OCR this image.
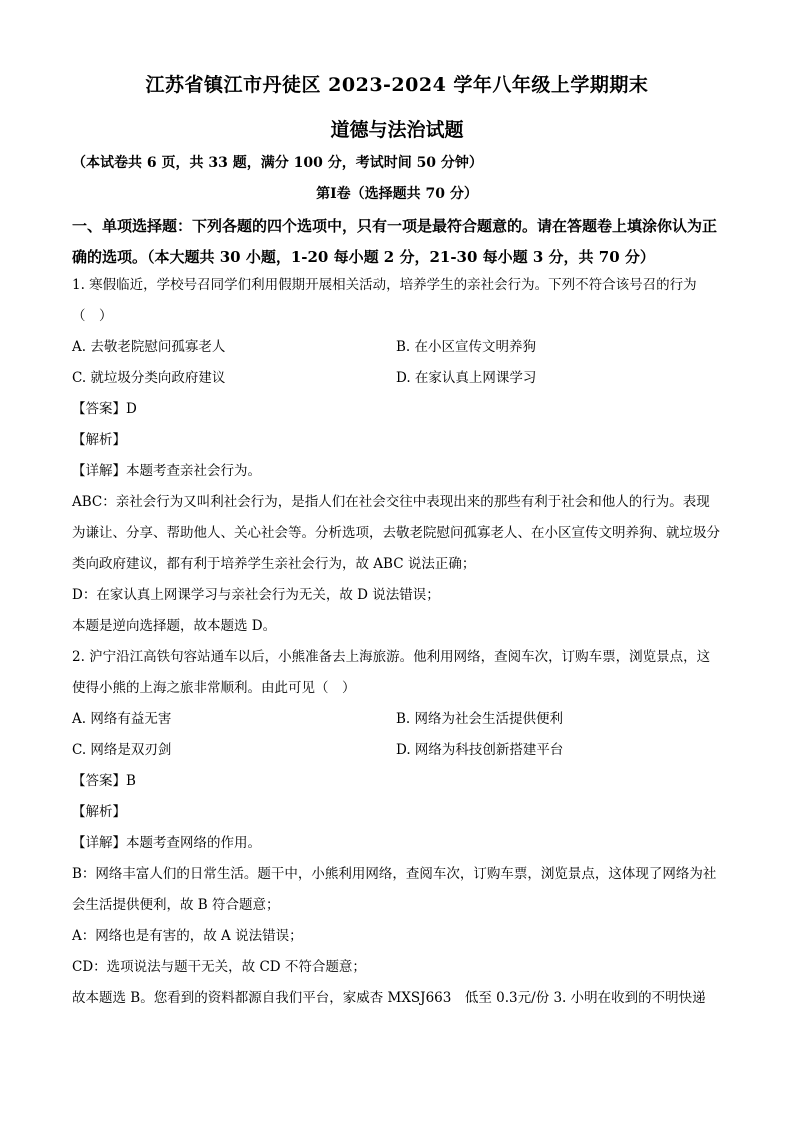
江苏省镇江市丹徒区 2023-2024 学年八年级上学期期末
道德与法治试题
（本试卷共 6 页，共 33 题，满分 100 分，考试时间 50 分钟）
第Ⅰ卷（选择题共 70 分）
一、单项选择题：下列各题的四个选项中，只有一项是最符合题意的。请在答题卷上填涂你认为正确的选项。（本大题共 30 小题，1-20 每小题 2 分，21-30 每小题 3 分，共 70 分）
1. 寒假临近，学校号召同学们利用假期开展相关活动，培养学生的亲社会行为。下列不符合该号召的行为（　）
A. 去敬老院慰问孤寡老人	B. 在小区宣传文明养狗
C. 就垃圾分类向政府建议	D. 在家认真上网课学习
【答案】D
【解析】
【详解】本题考查亲社会行为。
ABC：亲社会行为又叫利社会行为，是指人们在社会交往中表现出来的那些有利于社会和他人的行为。表现为谦让、分享、帮助他人、关心社会等。分析选项，去敬老院慰问孤寡老人、在小区宣传文明养狗、就垃圾分类向政府建议，都有利于培养学生亲社会行为，故 ABC 说法正确；
D：在家认真上网课学习与亲社会行为无关，故 D 说法错误；
本题是逆向选择题，故本题选 D。
2. 沪宁沿江高铁句容站通车以后，小熊准备去上海旅游。他利用网络，查阅车次，订购车票，浏览景点，这使得小熊的上海之旅非常顺利。由此可见（　）
A. 网络有益无害	B. 网络为社会生活提供便利
C. 网络是双刃剑	D. 网络为科技创新搭建平台
【答案】B
【解析】
【详解】本题考查网络的作用。
B：网络丰富人们的日常生活。题干中，小熊利用网络，查阅车次，订购车票，浏览景点，这体现了网络为社会生活提供便利，故 B 符合题意；
A：网络也是有害的，故 A 说法错误；
CD：选项说法与题干无关，故 CD 不符合题意；
故本题选 B。您看到的资料都源自我们平台，家威杏 MXSJ663　低至 0.3元/份 3. 小明在收到的不明快递
